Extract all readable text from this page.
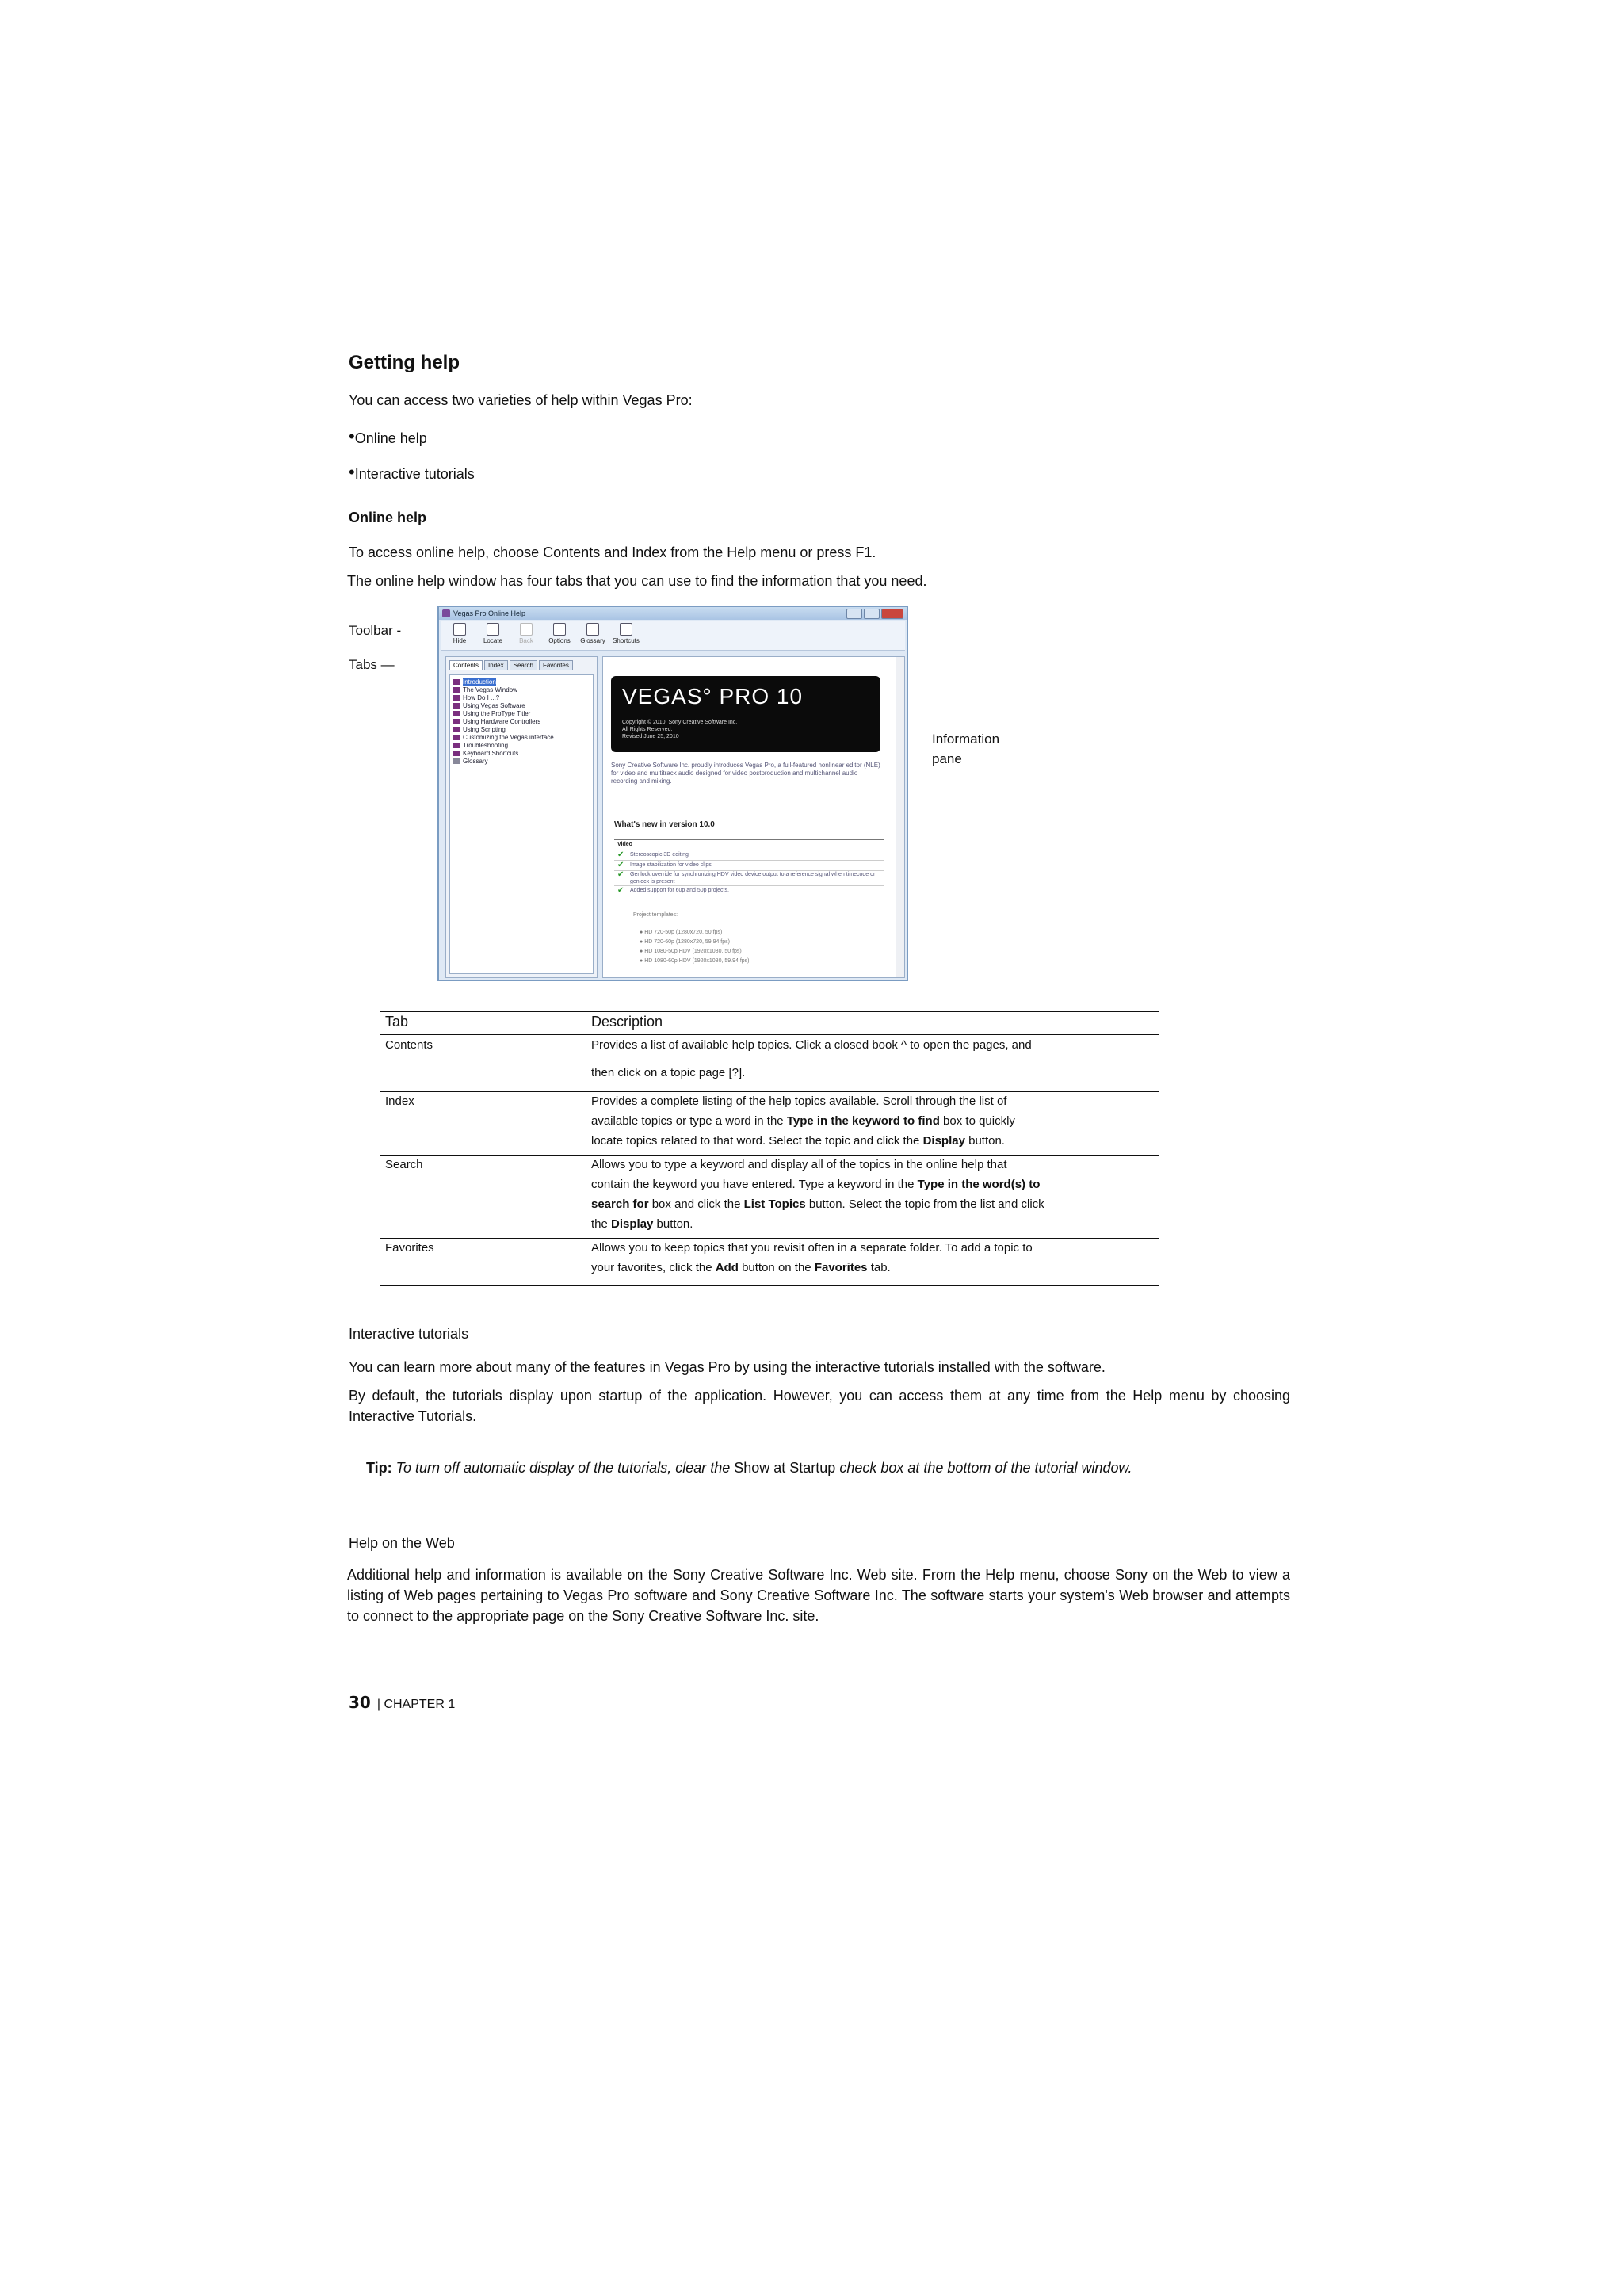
Getting help
You can access two varieties of help within Vegas Pro:
•Online help
•Interactive tutorials
Online help
To access online help, choose Contents and Index from the Help menu or press F1.
The online help window has four tabs that you can use to find the information that you need.
Toolbar -
Tabs —
Information
pane
Vegas Pro Online Help
Hide	Locate	Back	Options	Glossary	Shortcuts
Contents	Index	Search	Favorites
Introduction
The Vegas Window
How Do I ...?
Using Vegas Software
Using the ProType Titler
Using Hardware Controllers
Using Scripting
Customizing the Vegas interface
Troubleshooting
Keyboard Shortcuts
Glossary
VEGAS° PRO 10
Copyright © 2010, Sony Creative Software Inc.
All Rights Reserved.
Revised June 25, 2010
Sony Creative Software Inc. proudly introduces Vegas Pro, a full-featured nonlinear editor (NLE) for video and multitrack audio designed for video postproduction and multichannel audio recording and mixing.
What's new in version 10.0
Video
✔ Stereoscopic 3D editing
✔ Image stabilization for video clips
✔ Genlock override for synchronizing HDV video device output to a reference signal when timecode or genlock is present
✔ Added support for 60p and 50p projects.
Project templates:
● HD 720-50p (1280x720, 50 fps)
● HD 720-60p (1280x720, 59.94 fps)
● HD 1080-50p HDV (1920x1080, 50 fps)
● HD 1080-60p HDV (1920x1080, 59.94 fps)
Tab	Description
Contents	Provides a list of available help topics. Click a closed book ^ to open the pages, and
then click on a topic page [?].
Index	Provides a complete listing of the help topics available. Scroll through the list of
available topics or type a word in the Type in the keyword to find box to quickly
locate topics related to that word. Select the topic and click the Display button.
Search	Allows you to type a keyword and display all of the topics in the online help that
contain the keyword you have entered. Type a keyword in the Type in the word(s) to
search for box and click the List Topics button. Select the topic from the list and click
the Display button.
Favorites	Allows you to keep topics that you revisit often in a separate folder. To add a topic to
your favorites, click the Add button on the Favorites tab.
Interactive tutorials
You can learn more about many of the features in Vegas Pro by using the interactive tutorials installed with the software.
By default, the tutorials display upon startup of the application. However, you can access them at any time from the Help menu by choosing Interactive Tutorials.
Tip: To turn off automatic display of the tutorials, clear the Show at Startup check box at the bottom of the tutorial window.
Help on the Web
Additional help and information is available on the Sony Creative Software Inc. Web site. From the Help menu, choose Sony on the Web to view a listing of Web pages pertaining to Vegas Pro software and Sony Creative Software Inc. The software starts your system's Web browser and attempts to connect to the appropriate page on the Sony Creative Software Inc. site.
30 | CHAPTER 1
